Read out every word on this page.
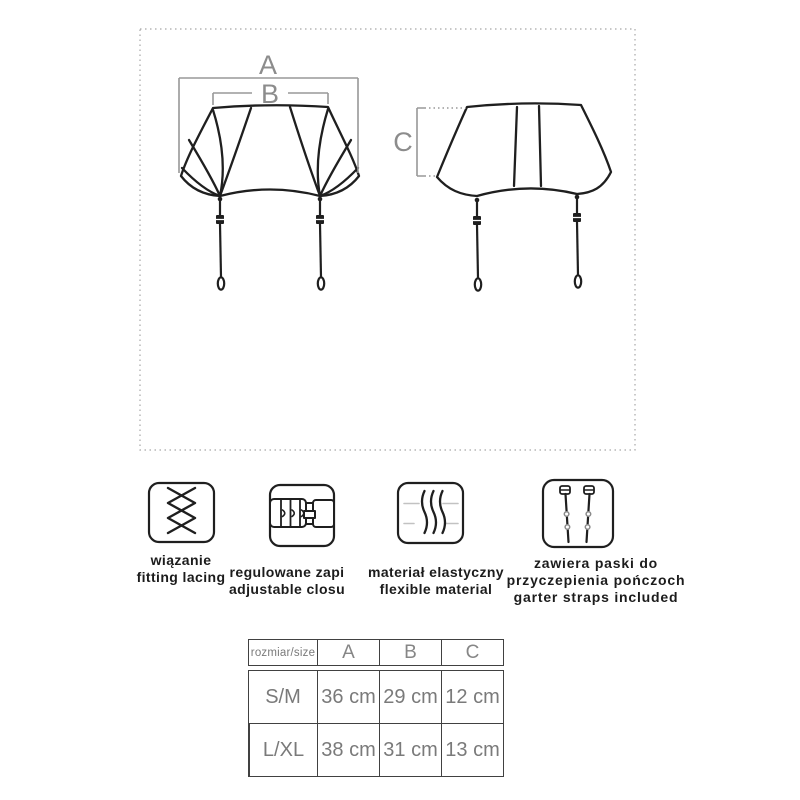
A
B
C
wiązanie
fitting lacing regulowane zapi
adjustable closu
materiał elastyczny
flexible material
zawiera paski do
przyczepienia pończoch
garter straps included
rozmiar/size	A	B	C
S/M	36 cm 29 cm 12 cm
L/XL 38 cm 31 cm 13 cm
